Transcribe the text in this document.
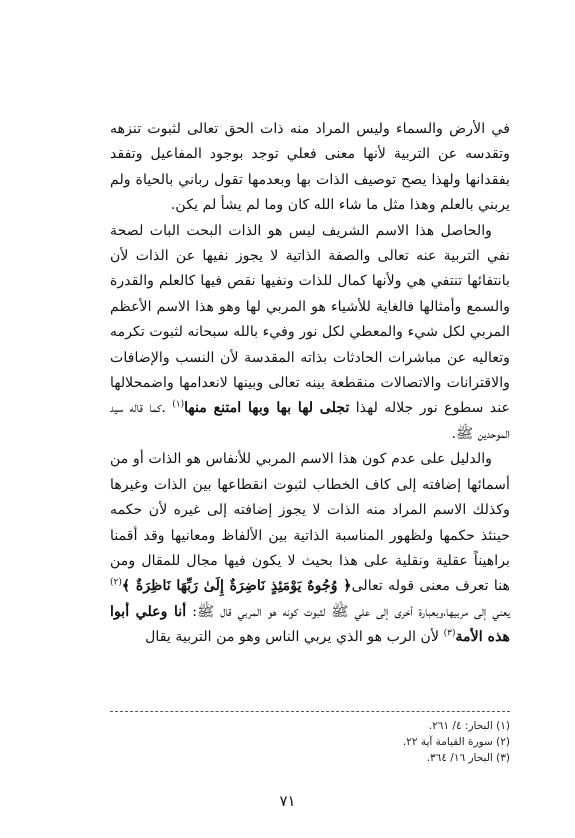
في الأرض والسماء وليس المراد منه ذات الحق تعالى لثبوت تنزهه وتقدسه عن التربية لأنها معنى فعلي توجد بوجود المفاعيل وتفقد بفقدانها ولهذا يصح توصيف الذات بها وبعدمها تقول رباني بالحياة ولم يربني بالعلم وهذا مثل ما شاء الله كان وما لم يشأ لم يكن.

والحاصل هذا الاسم الشريف ليس هو الذات البحت البات لصحة نفي التربية عنه تعالى والصفة الذاتية لا يجوز نفيها عن الذات لأن بانتفائها تنتفي هي ولأنها كمال للذات ونفيها نقص فيها كالعلم والقدرة والسمع وأمثالها فالغاية للأشياء هو المربي لها وهو هذا الاسم الأعظم المربي لكل شيء والمعطي لكل نور وفيء بالله سبحانه لثبوت تكرمه وتعاليه عن مباشرات الحادثات بذاته المقدسة لأن النسب والإضافات والاقترانات والاتصالات منقطعة بينه تعالى وبينها لانعدامها واضمحلالها عند سطوع نور جلاله لهذا تجلى لها بها وبها امتنع منها$^{(١)}$ .كما قاله سيد الموحدين ﷺ.

والدليل على عدم كون هذا الاسم المربي للأنفاس هو الذات أو من أسمائها إضافته إلى كاف الخطاب لثبوت انقطاعها بين الذات وغيرها وكذلك الاسم المراد منه الذات لا يجوز إضافته إلى غيره لأن حكمه حينئذ حكمها ولظهور المناسبة الذاتية بين الألفاظ ومعانيها وقد أقمنا براهيناً عقلية ونقلية على هذا بحيث لا يكون فيها مجال للمقال ومن هنا تعرف معنى قوله تعالى﴿ وُجُوهٌ يَوْمَئِذٍ نَاضِرَةٌ إِلَىٰ رَبِّهَا نَاظِرَةٌ ﴾$^{(٢)}$ يعني إلى مربيها،وبعبارة أخرى إلى علي ﷺ لثبوت كونه هو المربي قال ﷺ: أنا وعلي أبوا هذه الأمة$^{(٣)}$ لأن الرب هو الذي يربي الناس وهو من التربية يقال

(١) البحار: ٤/ ٢٦١.
(٢) سورة القيامة آية ٢٢.
(٣) البحار ١٦/ ٣٦٤.
٧١
